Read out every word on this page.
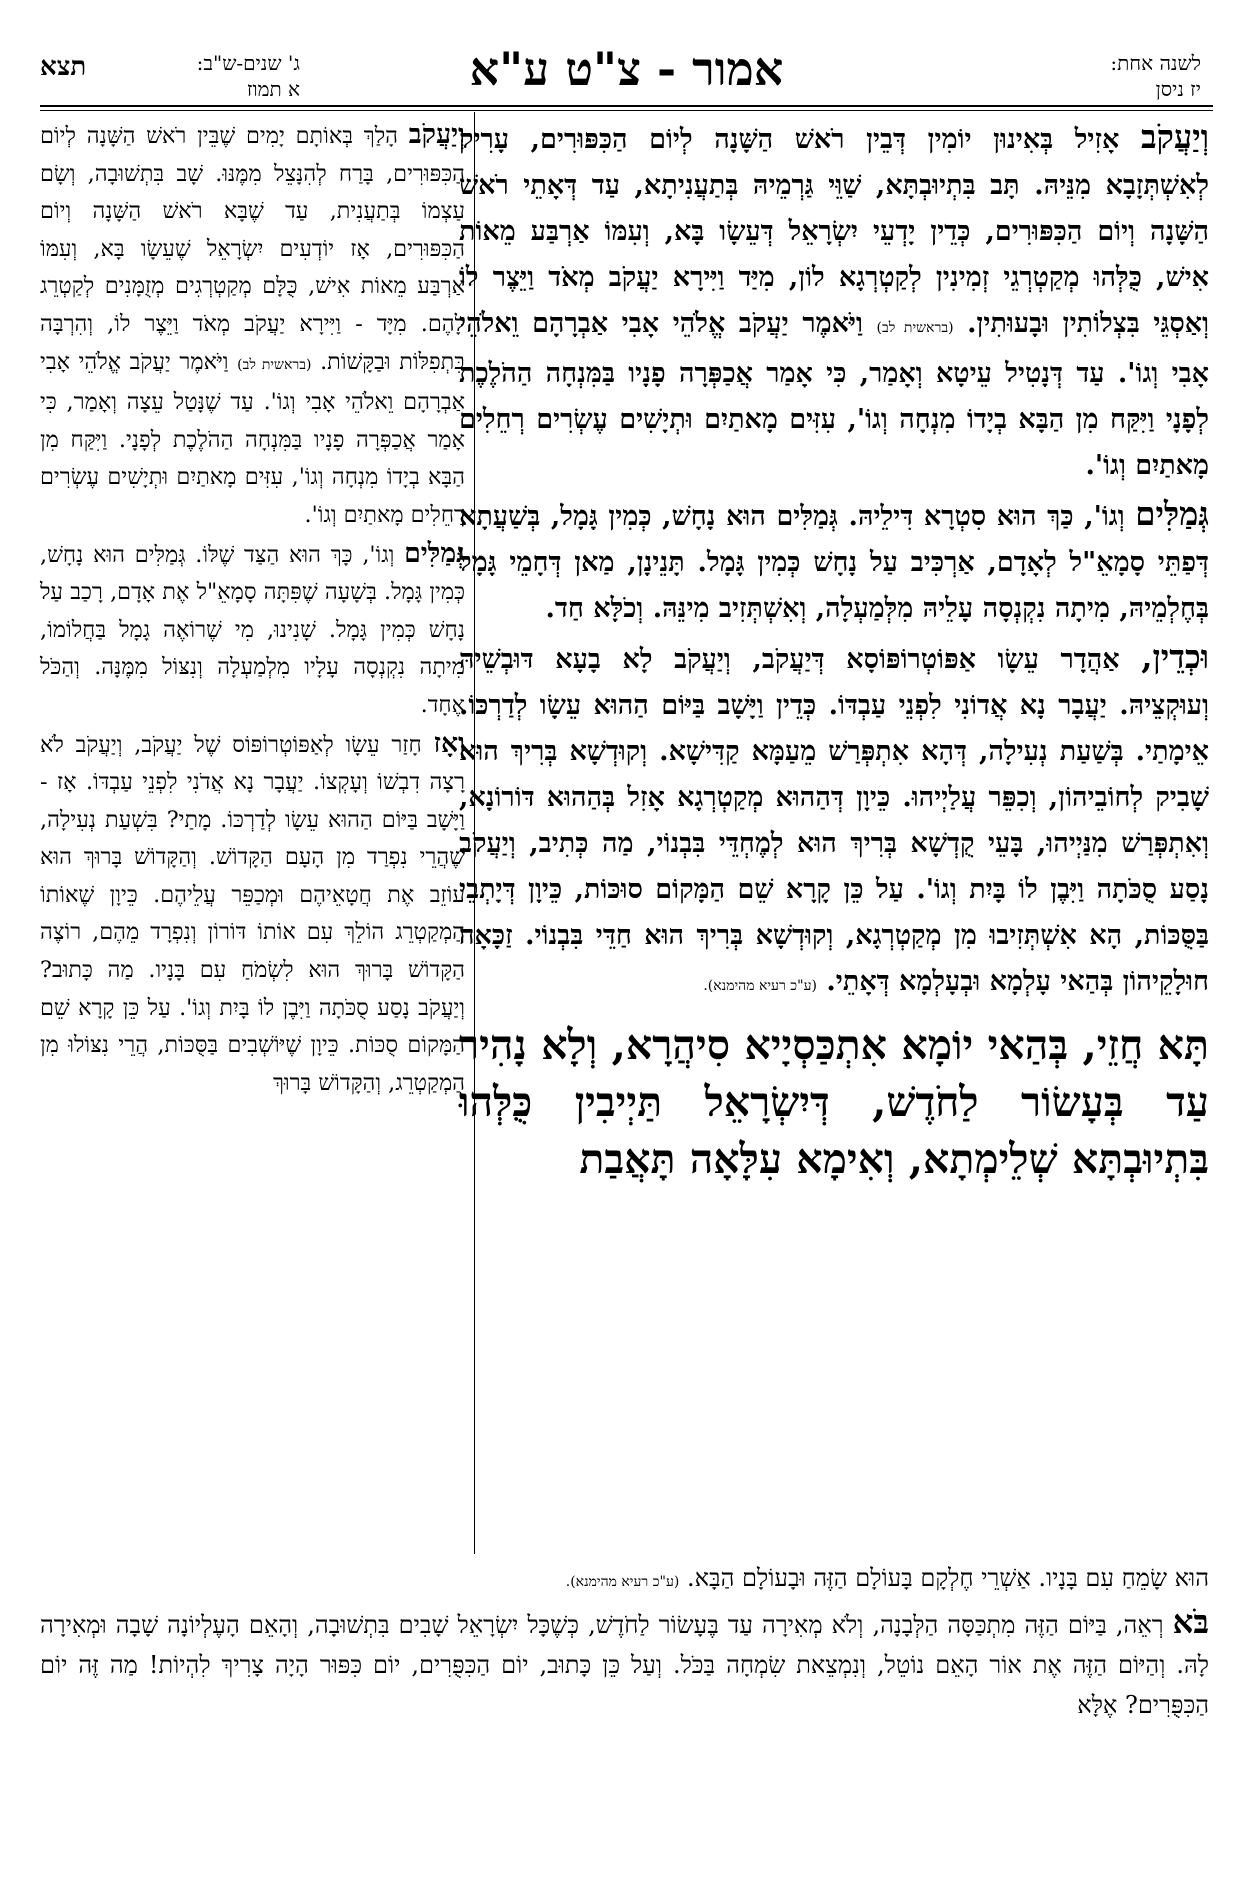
לשנה אחת:
יז ניסן
אמור - צ"ט ע"א
תצא	ג' שנים-ש"ב:
א תמוז

וְיַעֲקֹב אָזִיל בְּאִינוּן יוֹמִין דְּבֵין רֹאשׁ הַשָּׁנָה לְיוֹם הַכִּפּוּרִים, עָרִיק לְאִשְׁתְּזָבָא מִנֵּיהּ. תָּב בִּתְיוּבְתָּא, שַׁוֵּי גַּרְמֵיהּ בְּתַעֲנִיתָא, עַד דְּאָתֵי רֹאשׁ הַשָּׁנָה וְיוֹם הַכִּפּוּרִים, כְּדֵין יָדְעֵי יִשְׂרָאֵל דְּעֵשָׂו בָּא, וְעִמּוֹ אַרְבַּע מֵאוֹת אִישׁ, כֻּלְּהוּ מְקַטְרְגֵי זְמִינִין לְקַטְרְגָא לוֹן, מִיַּד וַיִּירָא יַעֲקֹב מְאֹד וַיֵּצֶר לוֹ וְאַסְגֵּי בִּצְלוֹתִין וּבָעוּתִין. (בראשית לב) וַיֹּאמֶר יַעֲקֹב אֱלֹהֵי אָבִי אַבְרָהָם וֵאלֹהֵי אָבִי וְגוֹ'. עַד דְּנָטִיל עֵיטָא וְאָמַר, כִּי אָמַר אֲכַפְּרָה פָנָיו בַּמִּנְחָה הַהֹלֶכֶת לְפָנָי וַיִּקַּח מִן הַבָּא בְיָדוֹ מִנְחָה וְגוֹ', עִזִּים מָאתַיִם וּתְיָשִׁים עֶשְׂרִים רְחֵלִים מָאתַיִם וְגוֹ'.

גְּמַלִּים וְגוֹ', כַּךְ הוּא סִטְרָא דִּילֵיהּ. גְּמַלִּים הוּא נָחָשׁ, כְּמִין גָּמָל, בְּשַׁעֲתָא דְּפַתֵּי סָמָאֵ"ל לְאָדָם, אַרְכִּיב עַל נָחָשׁ כְּמִין גָּמָל. תָּנֵינָן, מַאן דְּחָמֵי גָּמָל בְּחֶלְמֵיהּ, מִיתָה נִקְנְסָה עָלֵיהּ מִלְּמַעְלָה, וְאִשְׁתְּזִיב מִינֵּהּ. וְכֹלָּא חַד.

וּכְדֵין, אַהֲדָר עֵשָׂו אַפּוֹטְרוֹפּוֹסָא דְּיַעֲקֹב, וְיַעֲקֹב לָא בָעָא דּוּבְשֵׁיהּ וְעוּקְצֵיהּ. יַעֲבָר נָא אֲדוֹנִי לִפְנֵי עַבְדּוֹ. כְּדֵין וַיָּשָׁב בַּיּוֹם הַהוּא עֵשָׂו לְדַרְכּוֹ. אֵימָתַי. בְּשַׁעַת נְעִילָה, דְּהָא אִתְפְּרַשׁ מֵעַמָּא קַדִּישָׁא. וְקוּדְשָׁא בְּרִיךְ הוּא שָׁבִיק לְחוֹבֵיהוֹן, וְכִפֵּר עֲלַיְיהוּ. כֵּיוָן דְּהַהוּא מְקַטְרְגָא אָזִל בְּהַהוּא דּוֹרוֹנָא, וְאִתְפְּרַשׁ מִנַּיְיהוּ, בָּעֵי קֻדְשָׁא בְּרִיךְ הוּא לְמֶחְדֵּי בִּבְנוֹי, מַה כְּתִיב, וְיַעֲקֹב נָסַע סֻכֹּתָה וַיִּבֶן לוֹ בָּיִת וְגוֹ'. עַל כֵּן קָרָא שֵׁם הַמָּקוֹם סוּכּוֹת, כֵּיוָן דְּיָתְבֵי בַּסֻּכּוֹת, הָא אִשְׁתְּזִיבוּ מִן מְקַטְרְגָא, וְקוּדְשָׁא בְּרִיךְ הוּא חַדֵּי בִּבְנוֹי. זַכָּאָה חוּלָקֵיהוֹן בְּהַאי עָלְמָא וּבְעָלְמָא דְּאָתֵי. (ע"כ רעיא מהימנא).

תָּא חֲזֵי, בְּהַאי יוֹמָא אִתְכַּסְיָיא סִיהֲרָא, וְלָא נָהִיר עַד בְּעָשׂוֹר לַחֹדֶשׁ, דְּיִשְׂרָאֵל תַּיְיבִין כֻּלְּהוּ בִּתְיוּבְתָּא שְׁלֵימְתָא, וְאִימָא עִלָּאָה תָּאֲבַת

וְיַעֲקֹב הָלַךְ בְּאוֹתָם יָמִים שֶׁבֵּין רֹאשׁ הַשָּׁנָה לְיוֹם הַכִּפּוּרִים, בָּרַח לְהִנָּצֵל מִמֶּנּוּ. שָׁב בִּתְשׁוּבָה, וְשָׂם עַצְמוֹ בְּתַעֲנִית, עַד שֶׁבָּא רֹאשׁ הַשָּׁנָה וְיוֹם הַכִּפּוּרִים, אָז יוֹדְעִים יִשְׂרָאֵל שֶׁעֵשָׂו בָּא, וְעִמּוֹ אַרְבַּע מֵאוֹת אִישׁ, כֻּלָּם מְקַטְרְגִים מְזֻמָּנִים לְקַטְרֵג לָהֶם. מִיָּד - וַיִּירָא יַעֲקֹב מְאֹד וַיֵּצֶר לוֹ, וְהִרְבָּה בִּתְפִלּוֹת וּבַקָּשׁוֹת. (בראשית לב) וַיֹּאמֶר יַעֲקֹב אֱלֹהֵי אָבִי אַבְרָהָם וֵאלֹהֵי אָבִי וְגוֹ'. עַד שֶׁנָּטַל עֵצָה וְאָמַר, כִּי אָמַר אֲכַפְּרָה פָנָיו בַּמִּנְחָה הַהֹלֶכֶת לְפָנָי. וַיִּקַּח מִן הַבָּא בְיָדוֹ מִנְחָה וְגוֹ', עִזִּים מָאתַיִם וּתְיָשִׁים עֶשְׂרִים רְחֵלִים מָאתַיִם וְגוֹ'.

גְּמַלִּים וְגוֹ', כָּךְ הוּא הַצַּד שֶׁלּוֹ. גְּמַלִּים הוּא נָחָשׁ, כְּמִין גָּמָל. בְּשָׁעָה שֶׁפִּתָּה סָמָאֵ"ל אֶת אָדָם, רָכַב עַל נָחָשׁ כְּמִין גָּמָל. שָׁנִינוּ, מִי שֶׁרוֹאֶה גָמָל בַּחֲלוֹמוֹ, מִיתָה נִקְנְסָה עָלָיו מִלְמַעְלָה וְנִצּוֹל מִמֶּנָּה. וְהַכֹּל אֶחָד.

וְאָז חָזַר עֵשָׂו לְאַפּוֹטְרוֹפּוֹס שֶׁל יַעֲקֹב, וְיַעֲקֹב לֹא רָצָה דִבְשׁוֹ וְעָקְצוֹ. יַעֲבָר נָא אֲדֹנִי לִפְנֵי עַבְדּוֹ. אָז - וַיָּשָׁב בַּיּוֹם הַהוּא עֵשָׂו לְדַרְכּוֹ. מָתַי? בִּשְׁעַת נְעִילָה, שֶׁהֲרֵי נִפְרַד מִן הָעָם הַקָּדוֹשׁ. וְהַקָּדוֹשׁ בָּרוּךְ הוּא עוֹזֵב אֶת חֲטָאֵיהֶם וּמְכַפֵּר עֲלֵיהֶם. כֵּיוָן שֶׁאוֹתוֹ הַמְקַטְרֵג הוֹלֵךְ עִם אוֹתוֹ דּוֹרוֹן וְנִפְרָד מֵהֶם, רוֹצֶה הַקָּדוֹשׁ בָּרוּךְ הוּא לִשְׂמֹחַ עִם בָּנָיו. מַה כָּתוּב? וְיַעֲקֹב נָסַע סֻכֹּתָה וַיִּבֶן לוֹ בָּיִת וְגוֹ'. עַל כֵּן קָרָא שֵׁם הַמָּקוֹם סֻכּוֹת. כֵּיוָן שֶׁיּוֹשְׁבִים בַּסֻּכּוֹת, הֲרֵי נִצּוֹלוּ מִן הַמְקַטְרֵג, וְהַקָּדוֹשׁ בָּרוּךְ

הוּא שָׂמֵחַ עִם בָּנָיו. אַשְׁרֵי חֶלְקָם בָּעוֹלָם הַזֶּה וּבָעוֹלָם הַבָּא. (ע"כ רעיא מהימנא).

בֹּא רְאֵה, בַּיּוֹם הַזֶּה מִתְכַּסָּה הַלְּבָנָה, וְלֹא מְאִירָה עַד בֶּעָשׂוֹר לַחֹדֶשׁ, כְּשֶׁכָּל יִשְׂרָאֵל שָׁבִים בִּתְשׁוּבָה, וְהָאֵם הָעֶלְיוֹנָה שָׁבָה וּמְאִירָה לָהּ. וְהַיּוֹם הַזֶּה אֶת אוֹר הָאֵם נוֹטֵל, וְנִמְצֵאת שִׂמְחָה בַּכֹּל. וְעַל כֵּן כָּתוּב, יוֹם הַכִּפֻּרִים, יוֹם כִּפּוּר הָיָה צָרִיךְ לִהְיוֹת! מַה זֶּה יוֹם הַכִּפֻּרִים? אֶלָּא
